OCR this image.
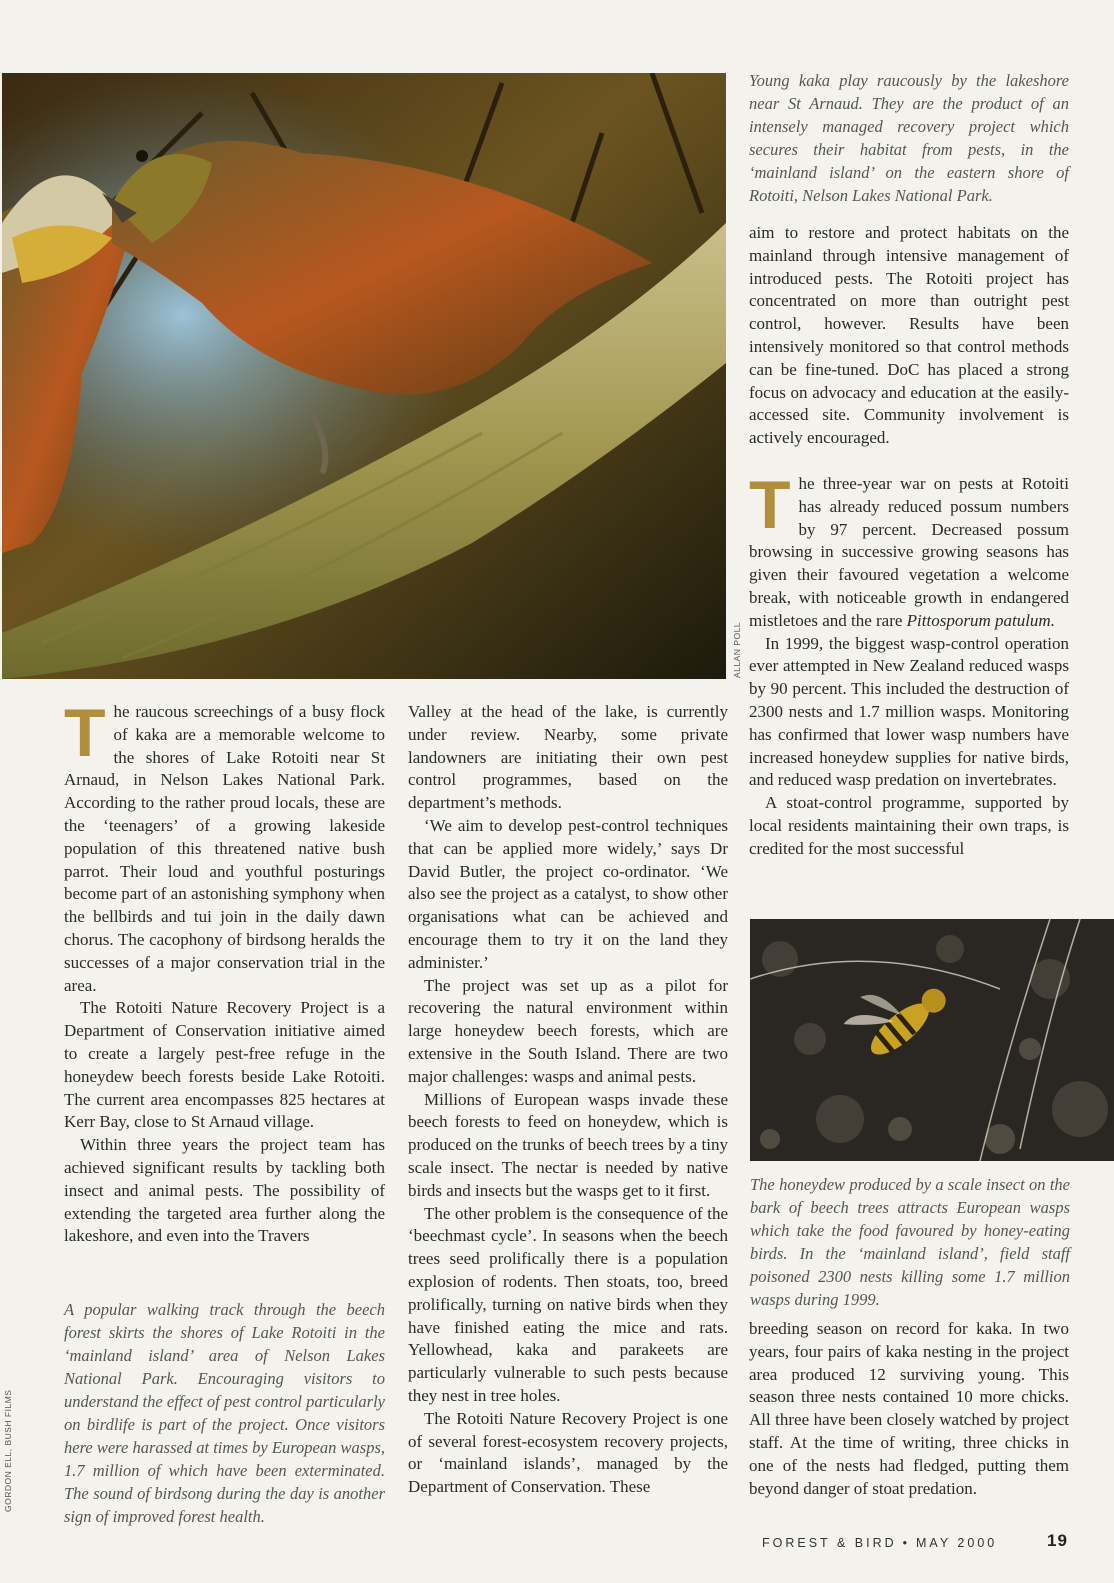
ALLAN POLL
Young kaka play raucously by the lakeshore near St Arnaud. They are the product of an intensely managed recovery project which secures their habitat from pests, in the ‘mainland island’ on the eastern shore of Rotoiti, Nelson Lakes National Park.

aim to restore and protect habitats on the mainland through intensive management of introduced pests. The Rotoiti project has concentrated on more than outright pest control, however. Results have been intensively monitored so that control methods can be fine-tuned. DoC has placed a strong focus on advocacy and education at the easily-accessed site. Community involvement is actively encouraged.

The three-year war on pests at Rotoiti has already reduced possum numbers by 97 percent. Decreased possum browsing in successive growing seasons has given their favoured vegetation a welcome break, with noticeable growth in endangered mistletoes and the rare Pittosporum patulum.

In 1999, the biggest wasp-control operation ever attempted in New Zealand reduced wasps by 90 percent. This included the destruction of 2300 nests and 1.7 million wasps. Monitoring has confirmed that lower wasp numbers have increased honeydew supplies for native birds, and reduced wasp predation on invertebrates.

A stoat-control programme, supported by local residents maintaining their own traps, is credited for the most successful

The honeydew produced by a scale insect on the bark of beech trees attracts European wasps which take the food favoured by honey-eating birds. In the ‘mainland island’, field staff poisoned 2300 nests killing some 1.7 million wasps during 1999.

breeding season on record for kaka. In two years, four pairs of kaka nesting in the project area produced 12 surviving young. This season three nests contained 10 more chicks. All three have been closely watched by project staff. At the time of writing, three chicks in one of the nests had fledged, putting them beyond danger of stoat predation.

The raucous screechings of a busy flock of kaka are a memorable welcome to the shores of Lake Rotoiti near St Arnaud, in Nelson Lakes National Park. According to the rather proud locals, these are the ‘teenagers’ of a growing lakeside population of this threatened native bush parrot. Their loud and youthful posturings become part of an astonishing symphony when the bellbirds and tui join in the daily dawn chorus. The cacophony of birdsong heralds the successes of a major conservation trial in the area.

The Rotoiti Nature Recovery Project is a Department of Conservation initiative aimed to create a largely pest-free refuge in the honeydew beech forests beside Lake Rotoiti. The current area encompasses 825 hectares at Kerr Bay, close to St Arnaud village.

Within three years the project team has achieved significant results by tackling both insect and animal pests. The possibility of extending the targeted area further along the lakeshore, and even into the Travers

A popular walking track through the beech forest skirts the shores of Lake Rotoiti in the ‘mainland island’ area of Nelson Lakes National Park. Encouraging visitors to understand the effect of pest control particularly on birdlife is part of the project. Once visitors here were harassed at times by European wasps, 1.7 million of which have been exterminated. The sound of birdsong during the day is another sign of improved forest health.
GORDON ELL, BUSH FILMS

Valley at the head of the lake, is currently under review. Nearby, some private landowners are initiating their own pest control programmes, based on the department’s methods.

‘We aim to develop pest-control techniques that can be applied more widely,’ says Dr David Butler, the project co-ordinator. ‘We also see the project as a catalyst, to show other organisations what can be achieved and encourage them to try it on the land they administer.’

The project was set up as a pilot for recovering the natural environment within large honeydew beech forests, which are extensive in the South Island. There are two major challenges: wasps and animal pests.

Millions of European wasps invade these beech forests to feed on honeydew, which is produced on the trunks of beech trees by a tiny scale insect. The nectar is needed by native birds and insects but the wasps get to it first.

The other problem is the consequence of the ‘beechmast cycle’. In seasons when the beech trees seed prolifically there is a population explosion of rodents. Then stoats, too, breed prolifically, turning on native birds when they have finished eating the mice and rats. Yellowhead, kaka and parakeets are particularly vulnerable to such pests because they nest in tree holes.

The Rotoiti Nature Recovery Project is one of several forest-ecosystem recovery projects, or ‘mainland islands’, managed by the Department of Conservation. These

FOREST & BIRD • MAY 2000	19
